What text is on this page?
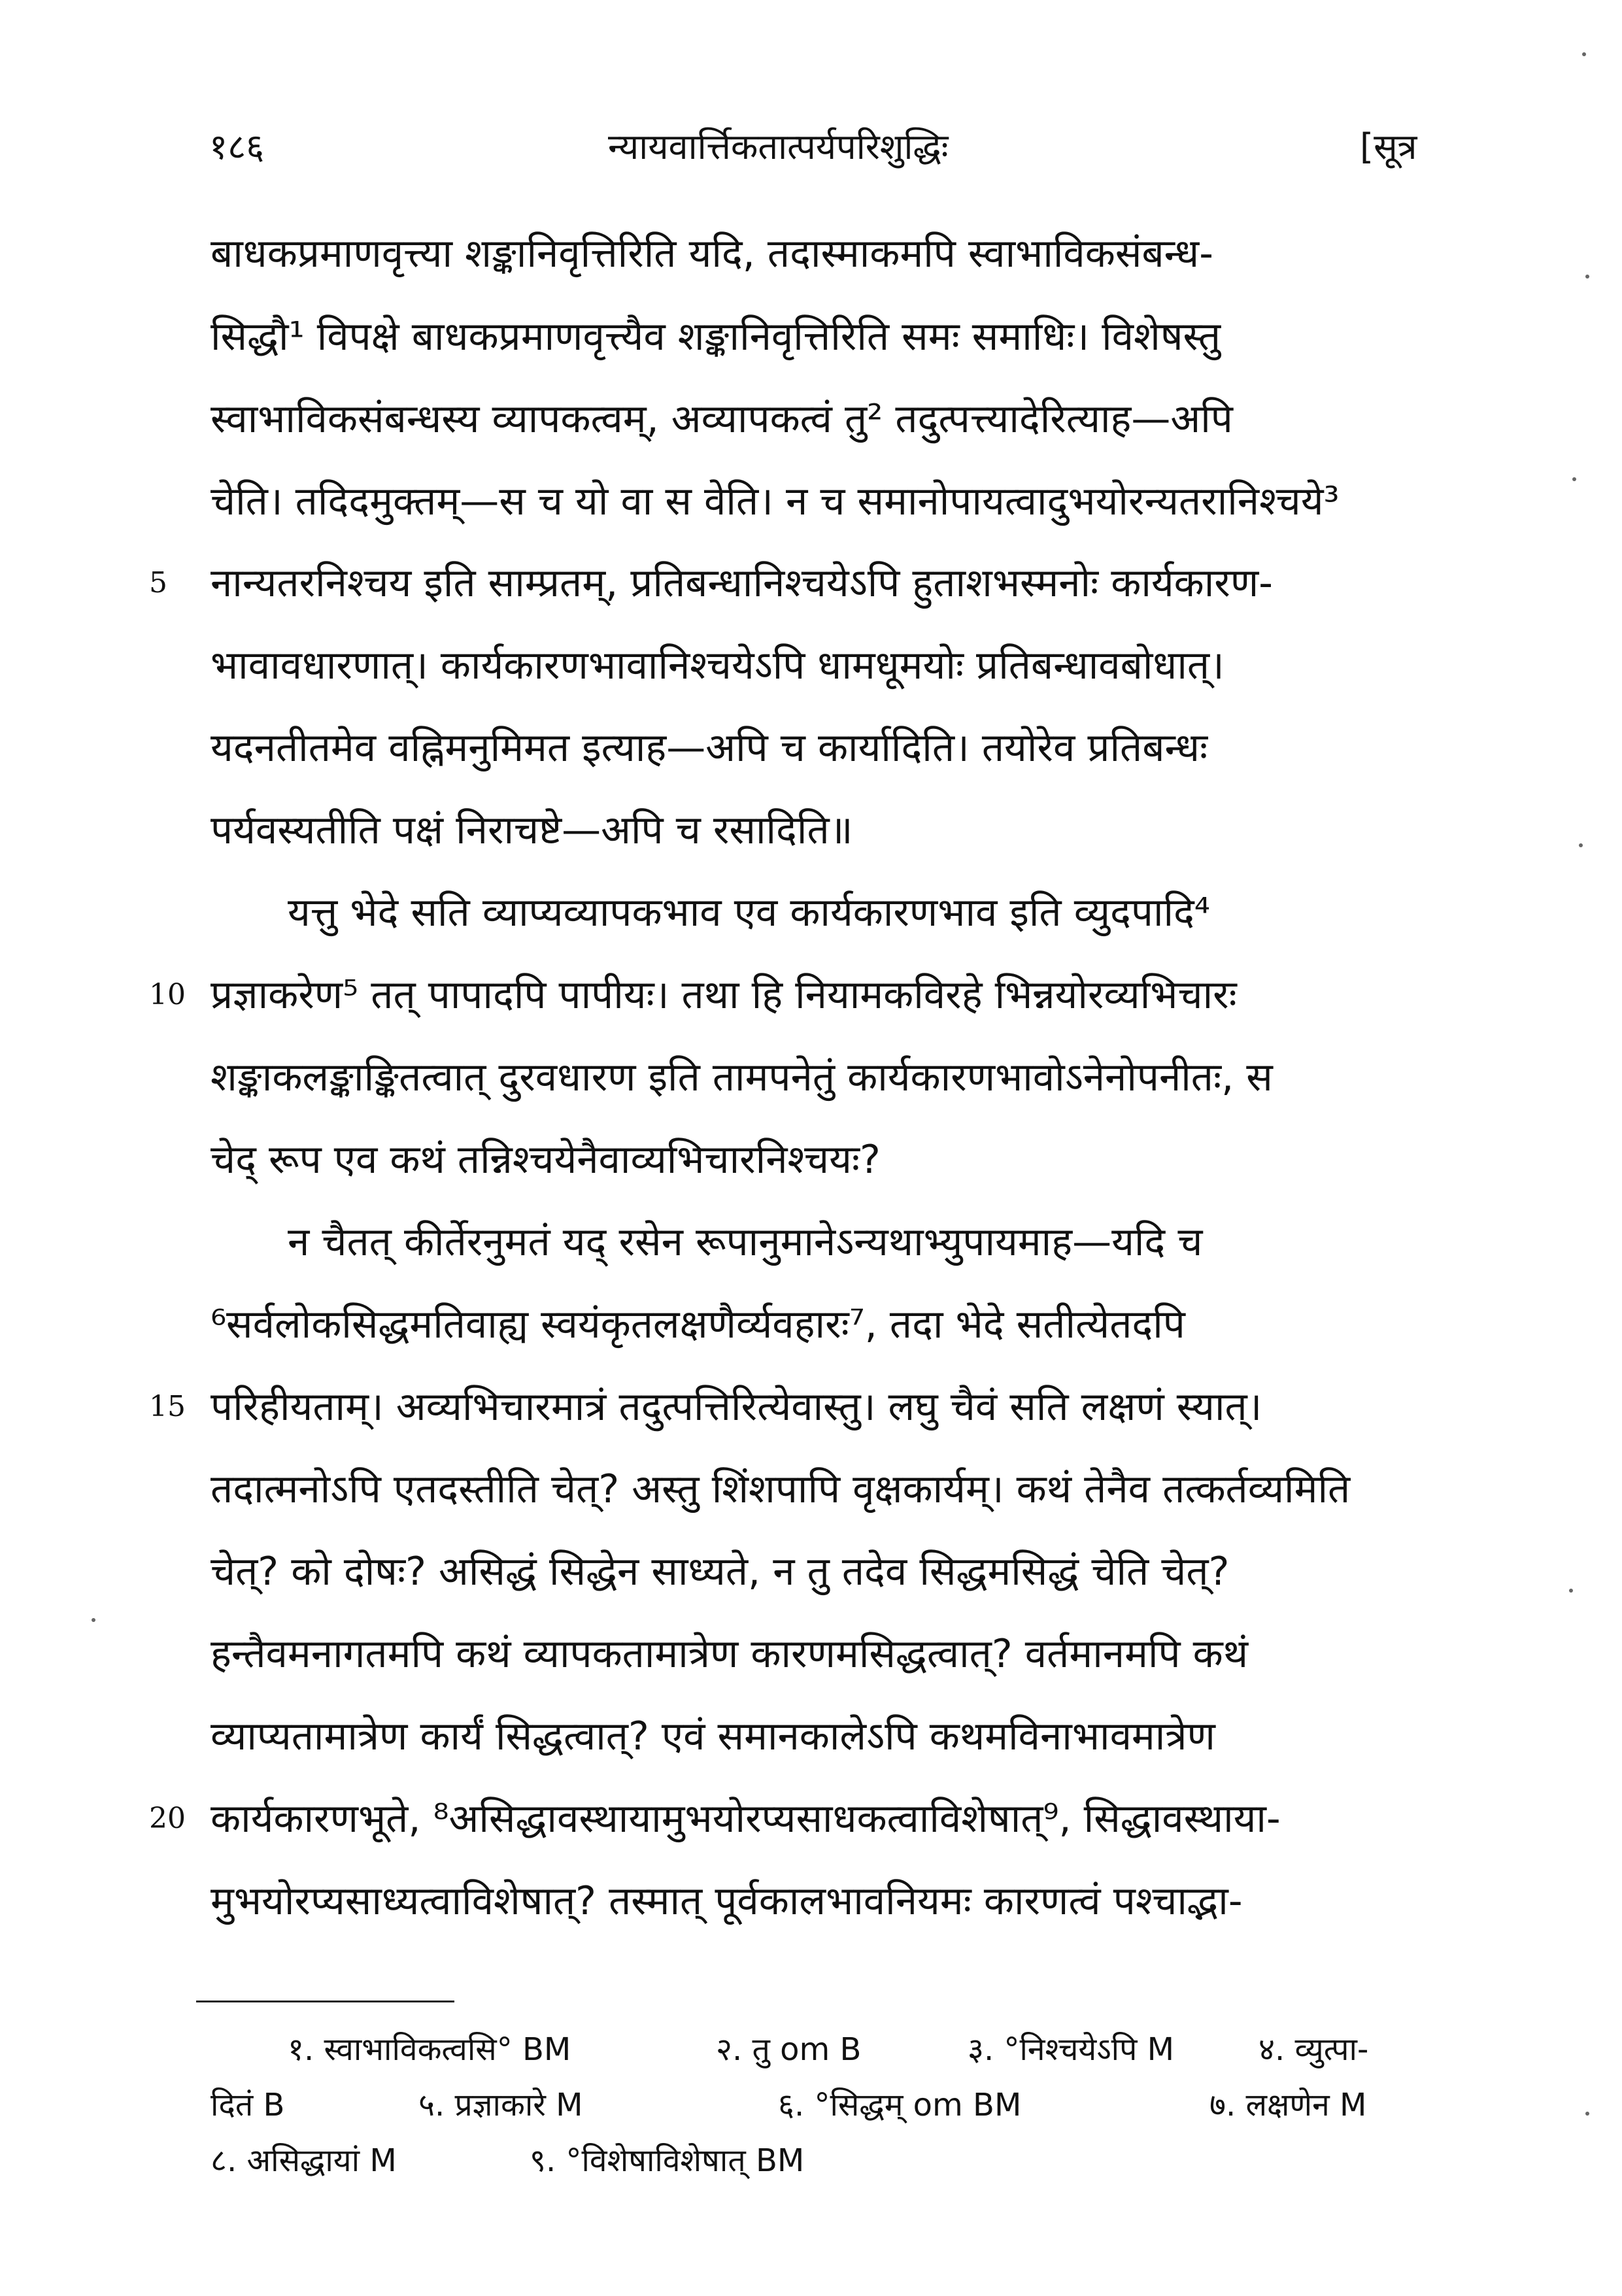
१८६	न्यायवार्त्तिकतात्पर्यपरिशुद्धिः	[सूत्र
बाधकप्रमाणवृत्त्या शङ्कानिवृत्तिरिति यदि, तदास्माकमपि स्वाभाविकसंबन्ध-
सिद्धौ¹ विपक्षे बाधकप्रमाणवृत्त्यैव शङ्कानिवृत्तिरिति समः समाधिः। विशेषस्तु
स्वाभाविकसंबन्धस्य व्यापकत्वम्, अव्यापकत्वं तु² तदुत्पत्त्यादेरित्याह—अपि
चेति। तदिदमुक्तम्—स च यो वा स वेति। न च समानोपायत्वादुभयोरन्यतरानिश्चये³
5 नान्यतरनिश्चय इति साम्प्रतम्, प्रतिबन्धानिश्चयेऽपि हुताशभस्मनोः कार्यकारण-
भावावधारणात्। कार्यकारणभावानिश्चयेऽपि धामधूमयोः प्रतिबन्धावबोधात्।
यदनतीतमेव वह्निमनुमिमत इत्याह—अपि च कार्यादिति। तयोरेव प्रतिबन्धः
पर्यवस्यतीति पक्षं निराचष्टे—अपि च रसादिति॥
यत्तु भेदे सति व्याप्यव्यापकभाव एव कार्यकारणभाव इति व्युदपादि⁴
10 प्रज्ञाकरेण⁵ तत् पापादपि पापीयः। तथा हि नियामकविरहे भिन्नयोरव्यभिचारः
शङ्काकलङ्काङ्कितत्वात् दुरवधारण इति तामपनेतुं कार्यकारणभावोऽनेनोपनीतः, स
चेद् रूप एव कथं तन्निश्चयेनैवाव्यभिचारनिश्चयः?
न चैतत् कीर्तेरनुमतं यद् रसेन रूपानुमानेऽन्यथाभ्युपायमाह—यदि च
⁶सर्वलोकसिद्धमतिवाह्य स्वयंकृतलक्षणैर्व्यवहारः⁷, तदा भेदे सतीत्येतदपि
15 परिहीयताम्। अव्यभिचारमात्रं तदुत्पत्तिरित्येवास्तु। लघु चैवं सति लक्षणं स्यात्।
तदात्मनोऽपि एतदस्तीति चेत्? अस्तु शिंशपापि वृक्षकार्यम्। कथं तेनैव तत्कर्तव्यमिति
चेत्? को दोषः? असिद्धं सिद्धेन साध्यते, न तु तदेव सिद्धमसिद्धं चेति चेत्?
हन्तैवमनागतमपि कथं व्यापकतामात्रेण कारणमसिद्धत्वात्? वर्तमानमपि कथं
व्याप्यतामात्रेण कार्यं सिद्धत्वात्? एवं समानकालेऽपि कथमविनाभावमात्रेण
20 कार्यकारणभूते, ⁸असिद्धावस्थायामुभयोरप्यसाधकत्वाविशेषात्⁹, सिद्धावस्थाया-
मुभयोरप्यसाध्यत्वाविशेषात्? तस्मात् पूर्वकालभावनियमः कारणत्वं पश्चाद्भा-
१. स्वाभाविकत्वसि° BM	२. तु om B	३. °निश्चयेऽपि M	४. व्युत्पा-
दितं B	५. प्रज्ञाकारे M	६. °सिद्धम् om BM	७. लक्षणेन M
८. असिद्धायां M	९. °विशेषाविशेषात् BM
